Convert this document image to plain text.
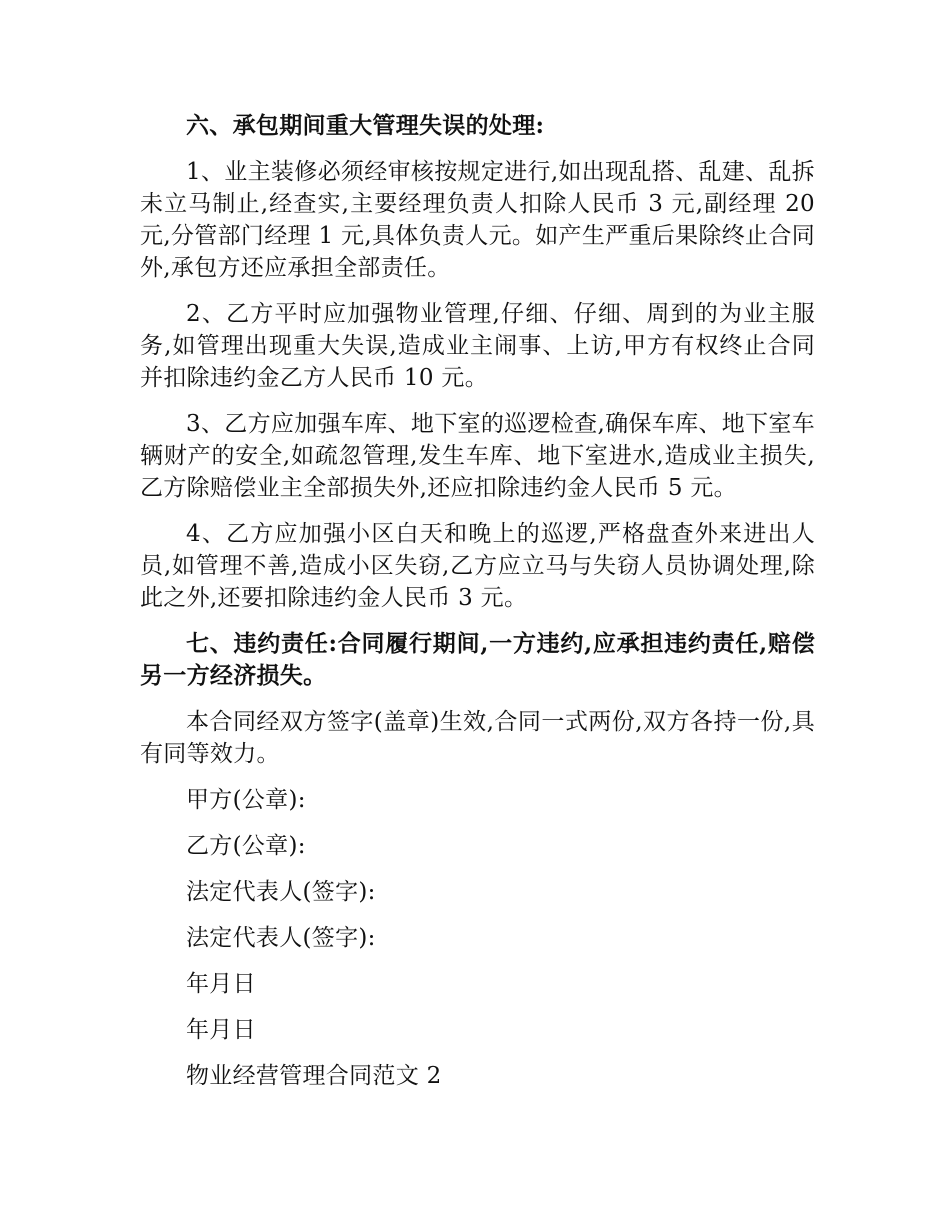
六、承包期间重大管理失误的处理:

1、业主装修必须经审核按规定进行,如出现乱搭、乱建、乱拆未立马制止,经查实,主要经理负责人扣除人民币 3 元,副经理 20 元,分管部门经理 1 元,具体负责人元。如产生严重后果除终止合同外,承包方还应承担全部责任。

2、乙方平时应加强物业管理,仔细、仔细、周到的为业主服务,如管理出现重大失误,造成业主闹事、上访,甲方有权终止合同并扣除违约金乙方人民币 10 元。

3、乙方应加强车库、地下室的巡逻检查,确保车库、地下室车辆财产的安全,如疏忽管理,发生车库、地下室进水,造成业主损失,乙方除赔偿业主全部损失外,还应扣除违约金人民币 5 元。

4、乙方应加强小区白天和晚上的巡逻,严格盘查外来进出人员,如管理不善,造成小区失窃,乙方应立马与失窃人员协调处理,除此之外,还要扣除违约金人民币 3 元。

七、违约责任:合同履行期间,一方违约,应承担违约责任,赔偿另一方经济损失。

本合同经双方签字(盖章)生效,合同一式两份,双方各持一份,具有同等效力。

甲方(公章):

乙方(公章):

法定代表人(签字):

法定代表人(签字):

年月日

年月日

物业经营管理合同范文 2
